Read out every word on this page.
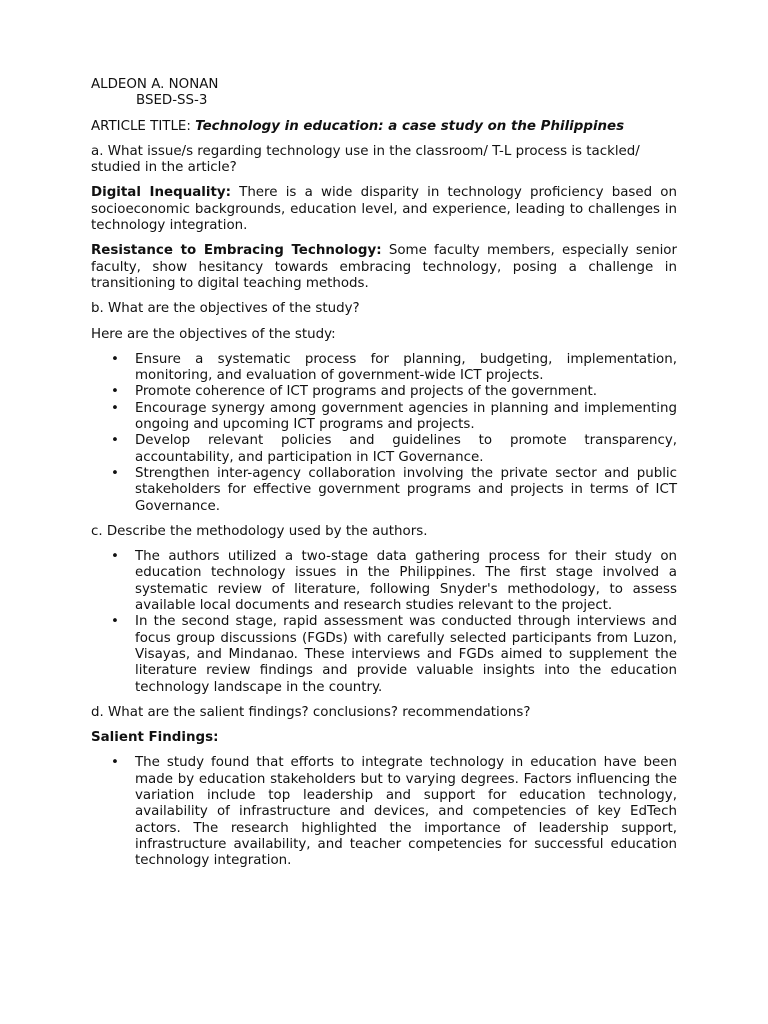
ALDEON A. NONAN

BSED-SS-3

ARTICLE TITLE: Technology in education: a case study on the Philippines

a. What issue/s regarding technology use in the classroom/ T-L process is tackled/ studied in the article?

Digital Inequality: There is a wide disparity in technology proficiency based on socioeconomic backgrounds, education level, and experience, leading to challenges in technology integration.

Resistance to Embracing Technology: Some faculty members, especially senior faculty, show hesitancy towards embracing technology, posing a challenge in transitioning to digital teaching methods.

b. What are the objectives of the study?

Here are the objectives of the study:

• Ensure a systematic process for planning, budgeting, implementation, monitoring, and evaluation of government-wide ICT projects.
• Promote coherence of ICT programs and projects of the government.
• Encourage synergy among government agencies in planning and implementing ongoing and upcoming ICT programs and projects.
• Develop relevant policies and guidelines to promote transparency, accountability, and participation in ICT Governance.
• Strengthen inter-agency collaboration involving the private sector and public stakeholders for effective government programs and projects in terms of ICT Governance.

c. Describe the methodology used by the authors.

• The authors utilized a two-stage data gathering process for their study on education technology issues in the Philippines. The first stage involved a systematic review of literature, following Snyder's methodology, to assess available local documents and research studies relevant to the project.
• In the second stage, rapid assessment was conducted through interviews and focus group discussions (FGDs) with carefully selected participants from Luzon, Visayas, and Mindanao. These interviews and FGDs aimed to supplement the literature review findings and provide valuable insights into the education technology landscape in the country.

d. What are the salient findings? conclusions? recommendations?

Salient Findings:

• The study found that efforts to integrate technology in education have been made by education stakeholders but to varying degrees. Factors influencing the variation include top leadership and support for education technology, availability of infrastructure and devices, and competencies of key EdTech actors. The research highlighted the importance of leadership support, infrastructure availability, and teacher competencies for successful education technology integration.
